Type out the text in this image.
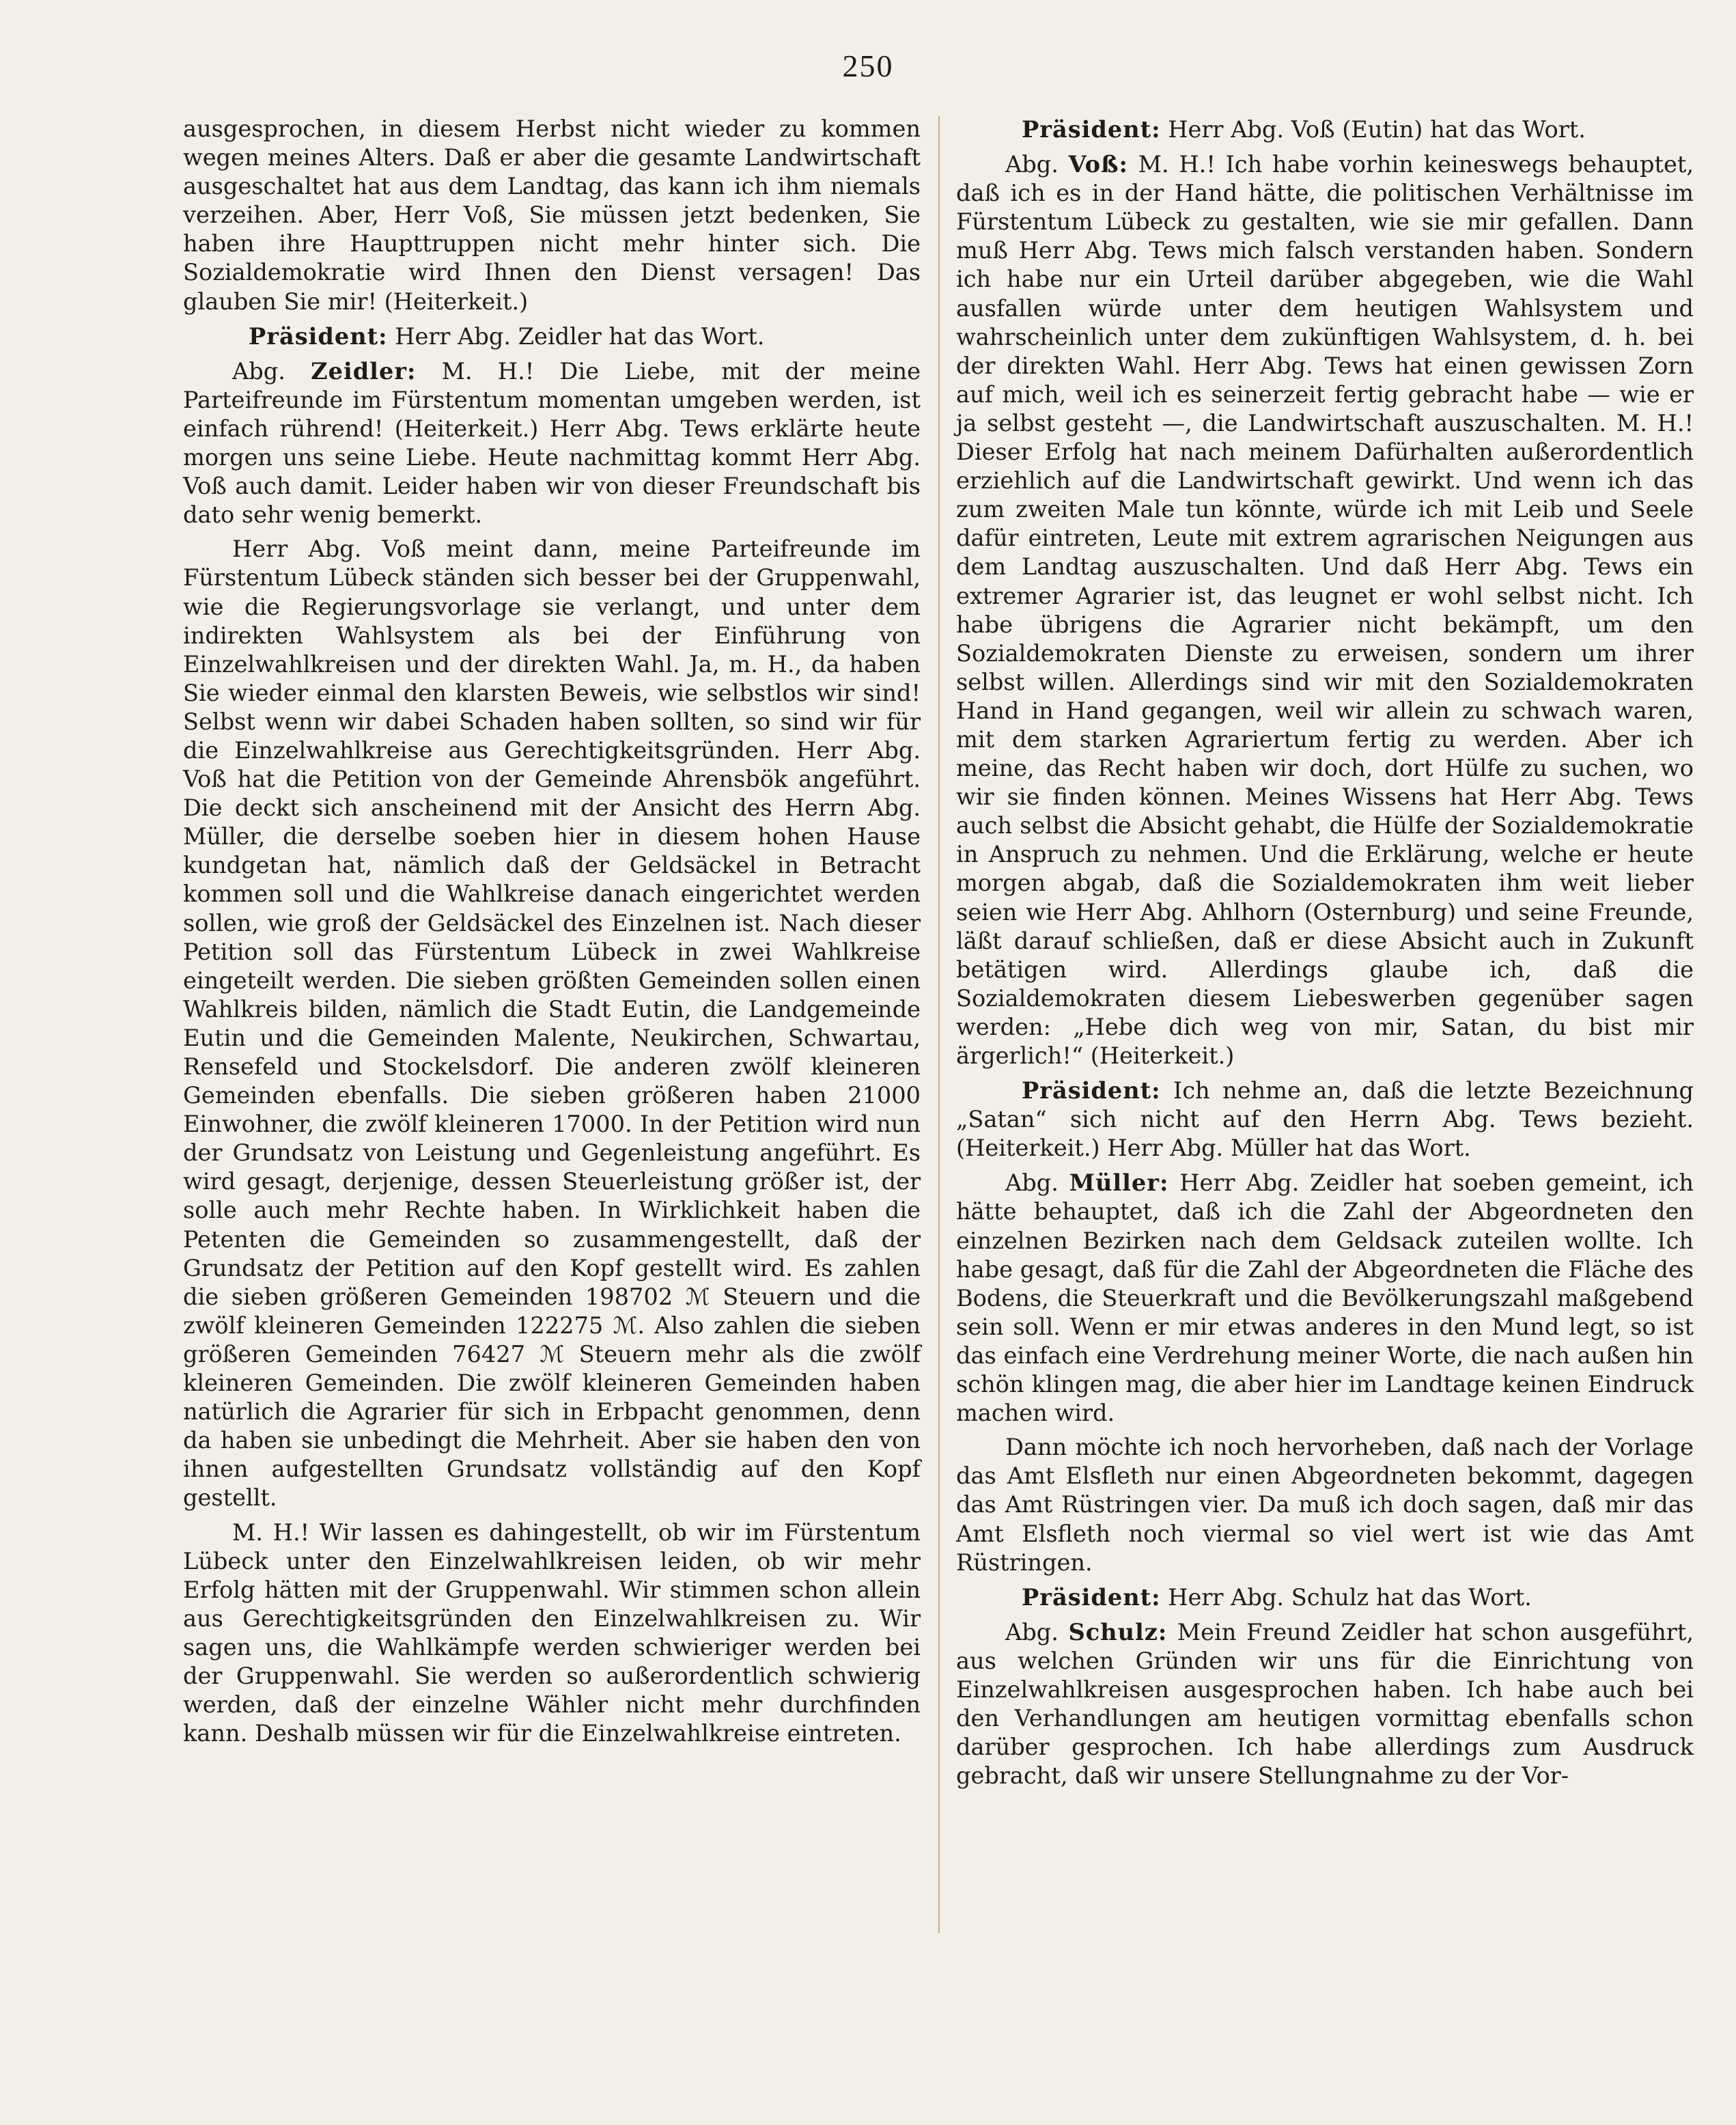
250

ausgesprochen, in diesem Herbst nicht wieder zu kommen wegen meines Alters. Daß er aber die gesamte Landwirtschaft ausgeschaltet hat aus dem Landtag, das kann ich ihm niemals verzeihen. Aber, Herr Voß, Sie müssen jetzt bedenken, Sie haben ihre Haupttruppen nicht mehr hinter sich. Die Sozialdemokratie wird Ihnen den Dienst versagen! Das glauben Sie mir! (Heiterkeit.)

Präsident: Herr Abg. Zeidler hat das Wort.

Abg. Zeidler: M. H.! Die Liebe, mit der meine Parteifreunde im Fürstentum momentan umgeben werden, ist einfach rührend! (Heiterkeit.) Herr Abg. Tews erklärte heute morgen uns seine Liebe. Heute nachmittag kommt Herr Abg. Voß auch damit. Leider haben wir von dieser Freundschaft bis dato sehr wenig bemerkt.

Herr Abg. Voß meint dann, meine Parteifreunde im Fürstentum Lübeck ständen sich besser bei der Gruppenwahl, wie die Regierungsvorlage sie verlangt, und unter dem indirekten Wahlsystem als bei der Einführung von Einzelwahlkreisen und der direkten Wahl. Ja, m. H., da haben Sie wieder einmal den klarsten Beweis, wie selbstlos wir sind! Selbst wenn wir dabei Schaden haben sollten, so sind wir für die Einzelwahlkreise aus Gerechtigkeitsgründen. Herr Abg. Voß hat die Petition von der Gemeinde Ahrensbök angeführt. Die deckt sich anscheinend mit der Ansicht des Herrn Abg. Müller, die derselbe soeben hier in diesem hohen Hause kundgetan hat, nämlich daß der Geldsäckel in Betracht kommen soll und die Wahlkreise danach eingerichtet werden sollen, wie groß der Geldsäckel des Einzelnen ist. Nach dieser Petition soll das Fürstentum Lübeck in zwei Wahlkreise eingeteilt werden. Die sieben größten Gemeinden sollen einen Wahlkreis bilden, nämlich die Stadt Eutin, die Landgemeinde Eutin und die Gemeinden Malente, Neukirchen, Schwartau, Rensefeld und Stockelsdorf. Die anderen zwölf kleineren Gemeinden ebenfalls. Die sieben größeren haben 21000 Einwohner, die zwölf kleineren 17000. In der Petition wird nun der Grundsatz von Leistung und Gegenleistung angeführt. Es wird gesagt, derjenige, dessen Steuerleistung größer ist, der solle auch mehr Rechte haben. In Wirklichkeit haben die Petenten die Gemeinden so zusammengestellt, daß der Grundsatz der Petition auf den Kopf gestellt wird. Es zahlen die sieben größeren Gemeinden 198702 ℳ Steuern und die zwölf kleineren Gemeinden 122275 ℳ. Also zahlen die sieben größeren Gemeinden 76427 ℳ Steuern mehr als die zwölf kleineren Gemeinden. Die zwölf kleineren Gemeinden haben natürlich die Agrarier für sich in Erbpacht genommen, denn da haben sie unbedingt die Mehrheit. Aber sie haben den von ihnen aufgestellten Grundsatz vollständig auf den Kopf gestellt.

M. H.! Wir lassen es dahingestellt, ob wir im Fürstentum Lübeck unter den Einzelwahlkreisen leiden, ob wir mehr Erfolg hätten mit der Gruppenwahl. Wir stimmen schon allein aus Gerechtigkeitsgründen den Einzelwahlkreisen zu. Wir sagen uns, die Wahlkämpfe werden schwieriger werden bei der Gruppenwahl. Sie werden so außerordentlich schwierig werden, daß der einzelne Wähler nicht mehr durchfinden kann. Deshalb müssen wir für die Einzelwahlkreise eintreten.

Präsident: Herr Abg. Voß (Eutin) hat das Wort.

Abg. Voß: M. H.! Ich habe vorhin keineswegs behauptet, daß ich es in der Hand hätte, die politischen Verhältnisse im Fürstentum Lübeck zu gestalten, wie sie mir gefallen. Dann muß Herr Abg. Tews mich falsch verstanden haben. Sondern ich habe nur ein Urteil darüber abgegeben, wie die Wahl ausfallen würde unter dem heutigen Wahlsystem und wahrscheinlich unter dem zukünftigen Wahlsystem, d. h. bei der direkten Wahl. Herr Abg. Tews hat einen gewissen Zorn auf mich, weil ich es seinerzeit fertig gebracht habe — wie er ja selbst gesteht —, die Landwirtschaft auszuschalten. M. H.! Dieser Erfolg hat nach meinem Dafürhalten außerordentlich erziehlich auf die Landwirtschaft gewirkt. Und wenn ich das zum zweiten Male tun könnte, würde ich mit Leib und Seele dafür eintreten, Leute mit extrem agrarischen Neigungen aus dem Landtag auszuschalten. Und daß Herr Abg. Tews ein extremer Agrarier ist, das leugnet er wohl selbst nicht. Ich habe übrigens die Agrarier nicht bekämpft, um den Sozialdemokraten Dienste zu erweisen, sondern um ihrer selbst willen. Allerdings sind wir mit den Sozialdemokraten Hand in Hand gegangen, weil wir allein zu schwach waren, mit dem starken Agrariertum fertig zu werden. Aber ich meine, das Recht haben wir doch, dort Hülfe zu suchen, wo wir sie finden können. Meines Wissens hat Herr Abg. Tews auch selbst die Absicht gehabt, die Hülfe der Sozialdemokratie in Anspruch zu nehmen. Und die Erklärung, welche er heute morgen abgab, daß die Sozialdemokraten ihm weit lieber seien wie Herr Abg. Ahlhorn (Osternburg) und seine Freunde, läßt darauf schließen, daß er diese Absicht auch in Zukunft betätigen wird. Allerdings glaube ich, daß die Sozialdemokraten diesem Liebeswerben gegenüber sagen werden: „Hebe dich weg von mir, Satan, du bist mir ärgerlich!“ (Heiterkeit.)

Präsident: Ich nehme an, daß die letzte Bezeichnung „Satan“ sich nicht auf den Herrn Abg. Tews bezieht. (Heiterkeit.) Herr Abg. Müller hat das Wort.

Abg. Müller: Herr Abg. Zeidler hat soeben gemeint, ich hätte behauptet, daß ich die Zahl der Abgeordneten den einzelnen Bezirken nach dem Geldsack zuteilen wollte. Ich habe gesagt, daß für die Zahl der Abgeordneten die Fläche des Bodens, die Steuerkraft und die Bevölkerungszahl maßgebend sein soll. Wenn er mir etwas anderes in den Mund legt, so ist das einfach eine Verdrehung meiner Worte, die nach außen hin schön klingen mag, die aber hier im Landtage keinen Eindruck machen wird.

Dann möchte ich noch hervorheben, daß nach der Vorlage das Amt Elsfleth nur einen Abgeordneten bekommt, dagegen das Amt Rüstringen vier. Da muß ich doch sagen, daß mir das Amt Elsfleth noch viermal so viel wert ist wie das Amt Rüstringen.

Präsident: Herr Abg. Schulz hat das Wort.

Abg. Schulz: Mein Freund Zeidler hat schon ausgeführt, aus welchen Gründen wir uns für die Einrichtung von Einzelwahlkreisen ausgesprochen haben. Ich habe auch bei den Verhandlungen am heutigen vormittag ebenfalls schon darüber gesprochen. Ich habe allerdings zum Ausdruck gebracht, daß wir unsere Stellungnahme zu der Vor-
